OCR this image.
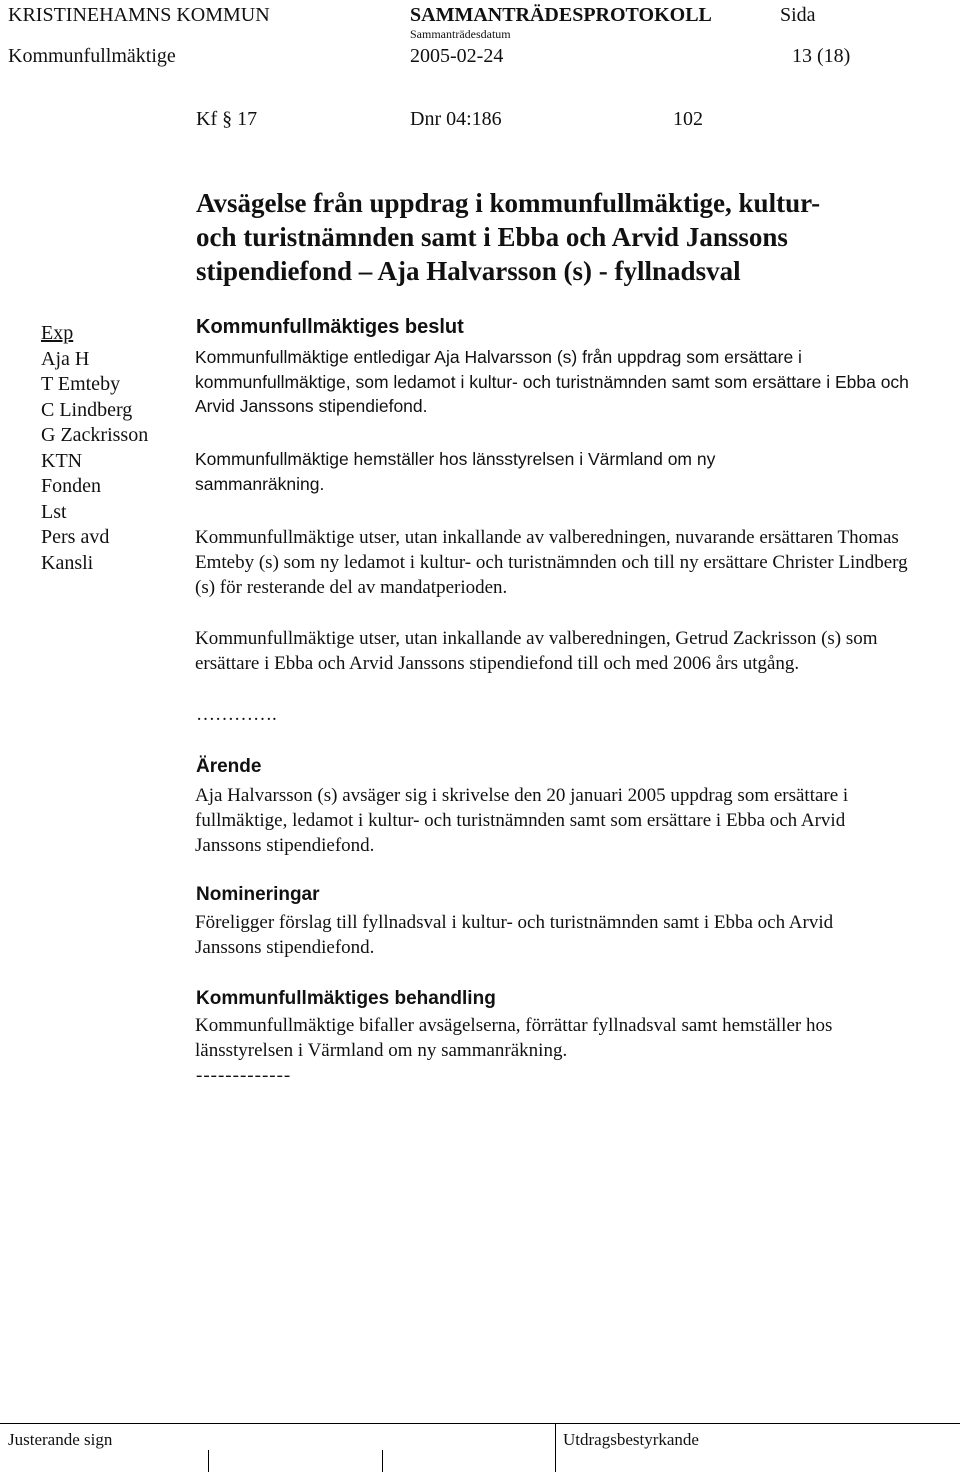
KRISTINEHAMNS KOMMUN	SAMMANTRÄDESPROTOKOLL	Sida
Sammanträdesdatum
Kommunfullmäktige	2005-02-24	13 (18)
Kf § 17	Dnr 04:186	102
Avsägelse från uppdrag i kommunfullmäktige, kultur-
och turistnämnden samt i Ebba och Arvid Janssons
stipendiefond – Aja Halvarsson (s) - fyllnadsval
Exp
Aja H
T Emteby
C Lindberg
G Zackrisson
KTN
Fonden
Lst
Pers avd
Kansli
Kommunfullmäktiges beslut
Kommunfullmäktige entledigar Aja Halvarsson (s) från uppdrag som ersättare i kommunfullmäktige, som ledamot i kultur- och turistnämnden samt som ersättare i Ebba och Arvid Janssons stipendiefond.
Kommunfullmäktige hemställer hos länsstyrelsen i Värmland om ny sammanräkning.
Kommunfullmäktige utser, utan inkallande av valberedningen, nuvarande ersättaren Thomas Emteby (s) som ny ledamot i kultur- och turistnämnden och till ny ersättare Christer Lindberg (s) för resterande del av mandatperioden.
Kommunfullmäktige utser, utan inkallande av valberedningen, Getrud Zackrisson (s) som ersättare i Ebba och Arvid Janssons stipendiefond till och med 2006 års utgång.
………….
Ärende
Aja Halvarsson (s) avsäger sig i skrivelse den 20 januari 2005 uppdrag som ersättare i fullmäktige, ledamot i kultur- och turistnämnden samt som ersättare i Ebba och Arvid Janssons stipendiefond.
Nomineringar
Föreligger förslag till fyllnadsval i kultur- och turistnämnden samt i Ebba och Arvid Janssons stipendiefond.
Kommunfullmäktiges behandling
Kommunfullmäktige bifaller avsägelserna, förrättar fyllnadsval samt hemställer hos länsstyrelsen i Värmland om ny sammanräkning.
-------------
Justerande sign	Utdragsbestyrkande
